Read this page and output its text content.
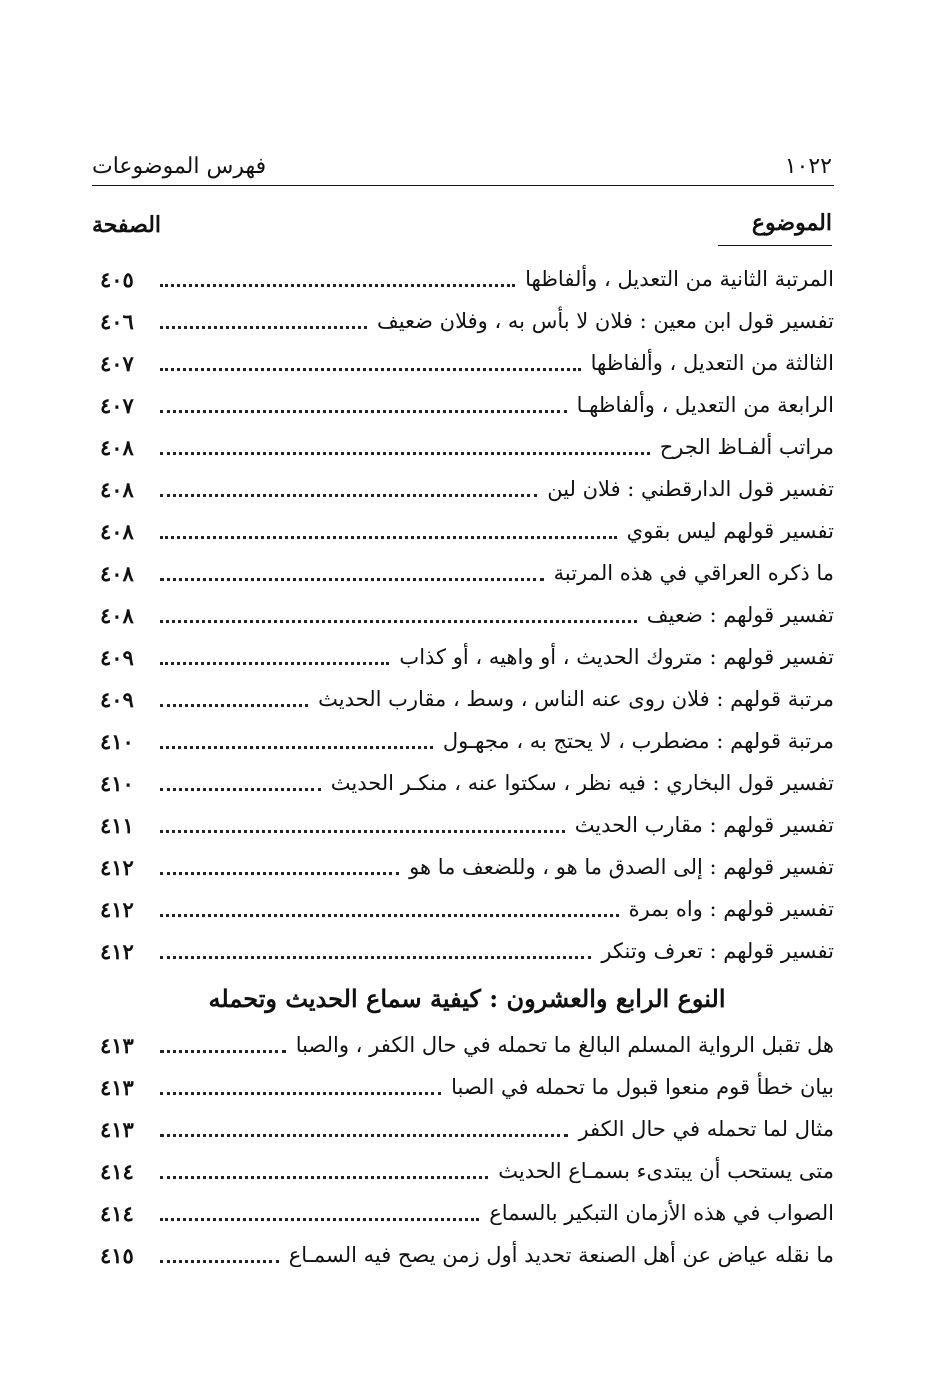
١٠٢٢
فهرس الموضوعات
الموضوع
الصفحة
المرتبة الثانية من التعديل ، وألفاظها
٤٠٥
تفسير قول ابن معين : فلان لا بأس به ، وفلان ضعيف
٤٠٦
الثالثة من التعديل ، وألفاظها
٤٠٧
الرابعة من التعديل ، وألفاظهـا
٤٠٧
مراتب ألفـاظ الجرح
٤٠٨
تفسير قول الدارقطني : فلان لين
٤٠٨
تفسير قولهم ليس بقوي
٤٠٨
ما ذكره العراقي في هذه المرتبة
٤٠٨
تفسير قولهم : ضعيف
٤٠٨
تفسير قولهم : متروك الحديث ، أو واهيه ، أو كذاب
٤٠٩
مرتبة قولهم : فلان روى عنه الناس ، وسط ، مقارب الحديث
٤٠٩
مرتبة قولهم : مضطرب ، لا يحتج به ، مجهـول
٤١٠
تفسير قول البخاري : فيه نظر ، سكتوا عنه ، منكـر الحديث
٤١٠
تفسير قولهم : مقارب الحديث
٤١١
تفسير قولهم : إلى الصدق ما هو ، وللضعف ما هو
٤١٢
تفسير قولهم : واه بمرة
٤١٢
تفسير قولهم : تعرف وتنكر
٤١٢
النوع الرابع والعشرون : كيفية سماع الحديث وتحمله
هل تقبل الرواية المسلم البالغ ما تحمله في حال الكفر ، والصبا
٤١٣
بيان خطأ قوم منعوا قبول ما تحمله في الصبا
٤١٣
مثال لما تحمله في حال الكفر
٤١٣
متى يستحب أن يبتدىء بسمـاع الحديث
٤١٤
الصواب في هذه الأزمان التبكير بالسماع
٤١٤
ما نقله عياض عن أهل الصنعة تحديد أول زمن يصح فيه السمـاع
٤١٥
